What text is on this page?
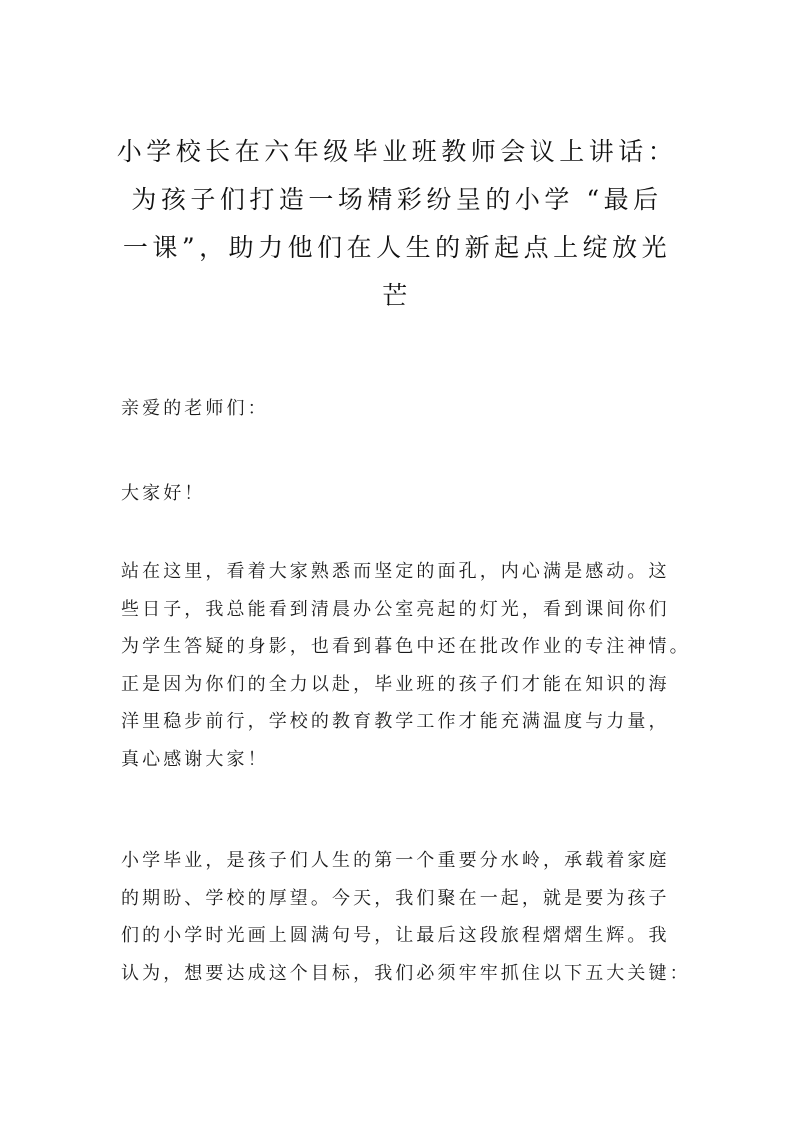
小学校长在六年级毕业班教师会议上讲话：
为孩子们打造一场精彩纷呈的小学 “最后
一课”，助力他们在人生的新起点上绽放光
芒
亲爱的老师们：
大家好！
站在这里，看着大家熟悉而坚定的面孔，内心满是感动。这
些日子，我总能看到清晨办公室亮起的灯光，看到课间你们
为学生答疑的身影，也看到暮色中还在批改作业的专注神情。
正是因为你们的全力以赴，毕业班的孩子们才能在知识的海
洋里稳步前行，学校的教育教学工作才能充满温度与力量，
真心感谢大家！
小学毕业，是孩子们人生的第一个重要分水岭，承载着家庭
的期盼、学校的厚望。今天，我们聚在一起，就是要为孩子
们的小学时光画上圆满句号，让最后这段旅程熠熠生辉。我
认为，想要达成这个目标，我们必须牢牢抓住以下五大关键：
